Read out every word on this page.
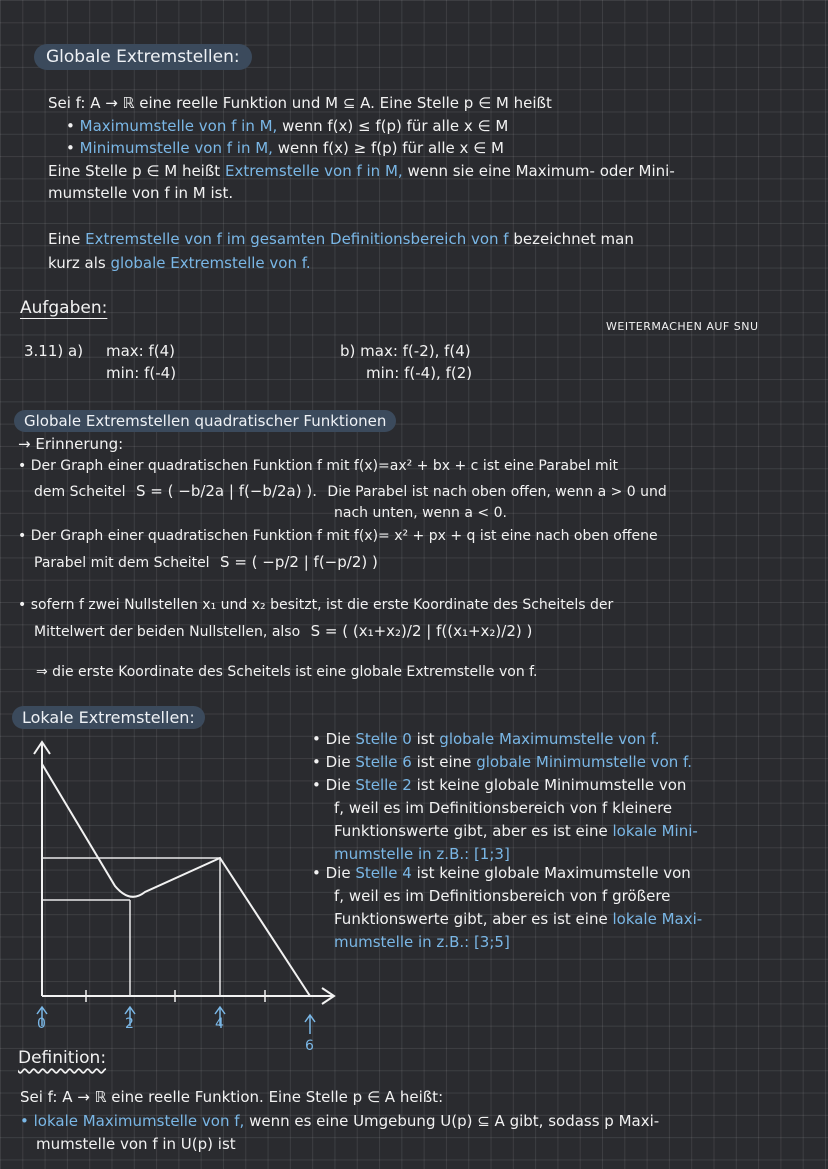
Globale Extremstellen:
Sei f: A → ℝ eine reelle Funktion und M ⊆ A. Eine Stelle p ∈ M heißt
• Maximumstelle von f in M, wenn f(x) ≤ f(p) für alle x ∈ M
• Minimumstelle von f in M, wenn f(x) ≥ f(p) für alle x ∈ M
Eine Stelle p ∈ M heißt Extremstelle von f in M, wenn sie eine Maximum- oder Mini-
mumstelle von f in M ist.
Eine Extremstelle von f im gesamten Definitionsbereich von f bezeichnet man
kurz als globale Extremstelle von f.
Aufgaben:
WEITERMACHEN AUF SNU
3.11) a) max: f(4)
min: f(-4)
b) max: f(-2), f(4)
min: f(-4), f(2)
Globale Extremstellen quadratischer Funktionen
→ Erinnerung:
• Der Graph einer quadratischen Funktion f mit f(x)=ax² + bx + c ist eine Parabel mit
dem Scheitel S = ( −b/2a | f(−b/2a) ). Die Parabel ist nach oben offen, wenn a > 0 und
nach unten, wenn a < 0.
• Der Graph einer quadratischen Funktion f mit f(x)= x² + px + q ist eine nach oben offene
Parabel mit dem Scheitel S = ( −p/2 | f(−p/2) )
• sofern f zwei Nullstellen x₁ und x₂ besitzt, ist die erste Koordinate des Scheitels der
Mittelwert der beiden Nullstellen, also S = ( (x₁+x₂)/2 | f((x₁+x₂)/2) )
⇒ die erste Koordinate des Scheitels ist eine globale Extremstelle von f.
Lokale Extremstellen:
0	2	4
6
• Die Stelle 0 ist globale Maximumstelle von f.
• Die Stelle 6 ist eine globale Minimumstelle von f.
• Die Stelle 2 ist keine globale Minimumstelle von
f, weil es im Definitionsbereich von f kleinere
Funktionswerte gibt, aber es ist eine lokale Mini-
mumstelle in z.B.: [1;3]
• Die Stelle 4 ist keine globale Maximumstelle von
f, weil es im Definitionsbereich von f größere
Funktionswerte gibt, aber es ist eine lokale Maxi-
mumstelle in z.B.: [3;5]
Definition:
Sei f: A → ℝ eine reelle Funktion. Eine Stelle p ∈ A heißt:
• lokale Maximumstelle von f, wenn es eine Umgebung U(p) ⊆ A gibt, sodass p Maxi-
mumstelle von f in U(p) ist
